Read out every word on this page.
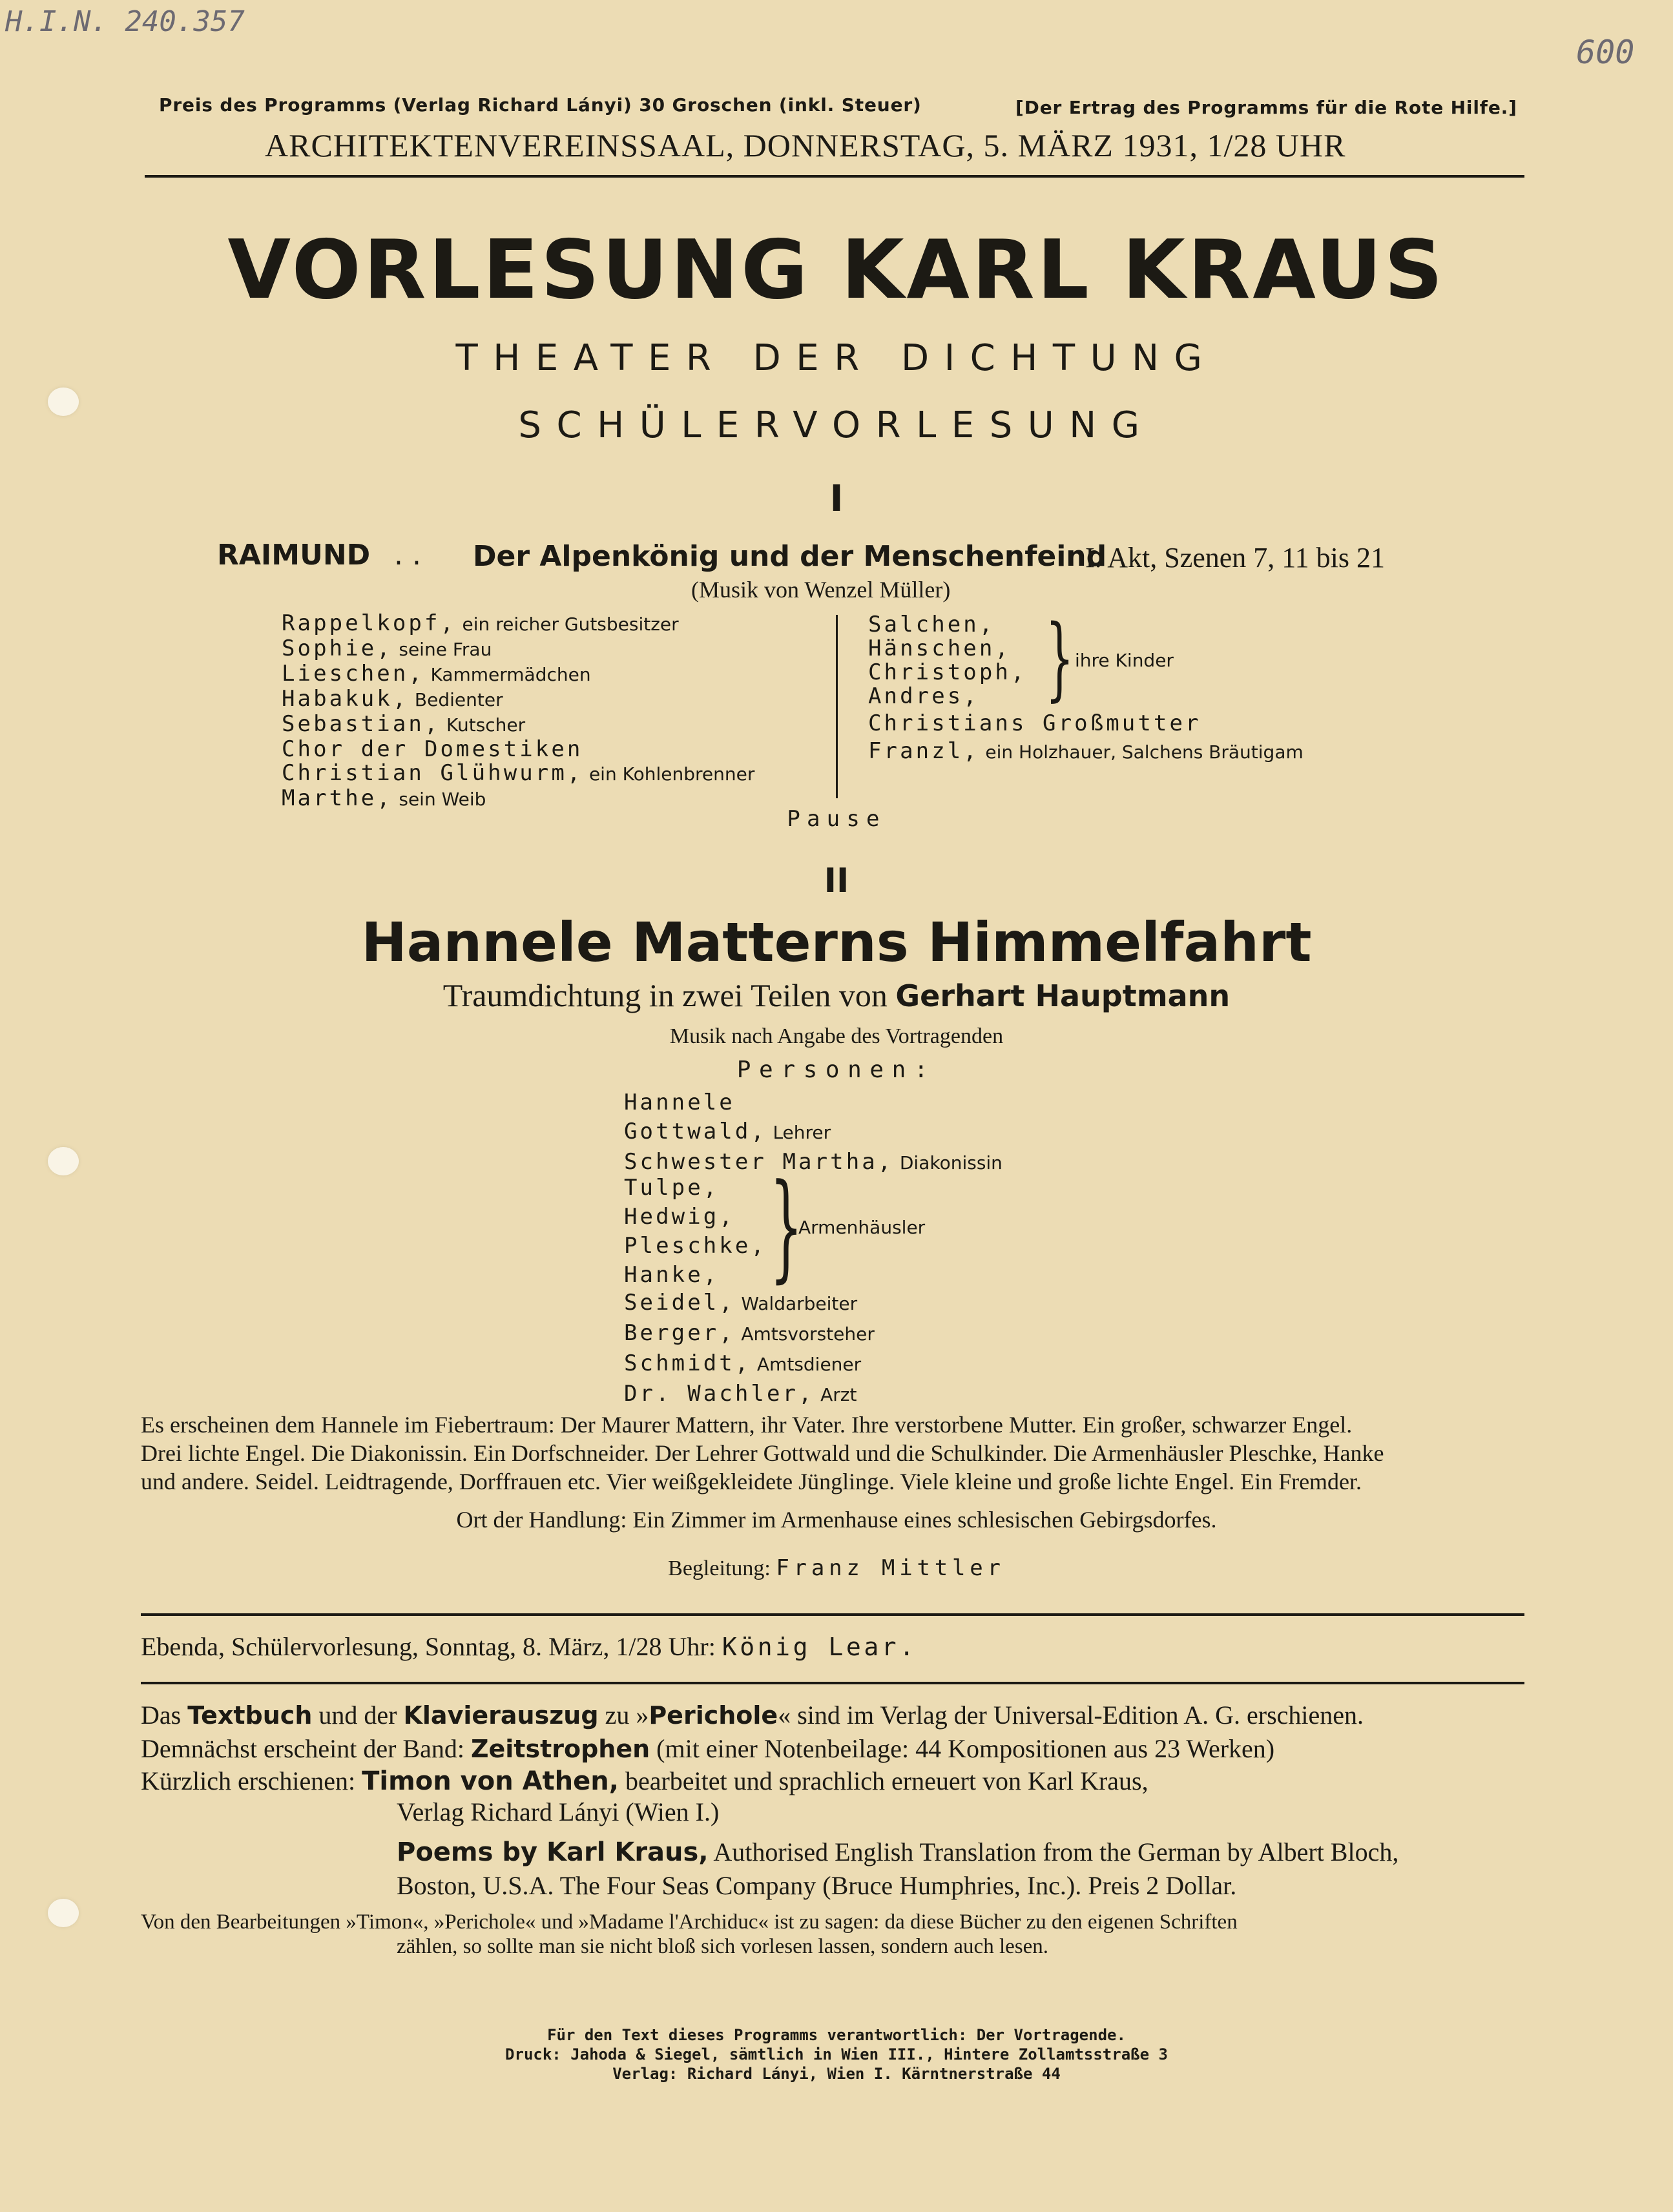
H.I.N. 240.357
600
Preis des Programms (Verlag Richard Lányi) 30 Groschen (inkl. Steuer)	[Der Ertrag des Programms für die Rote Hilfe.]
ARCHITEKTENVEREINSSAAL, DONNERSTAG, 5. MÄRZ 1931, 1/28 UHR
VORLESUNG KARL KRAUS
THEATER DER DICHTUNG
SCHÜLERVORLESUNG
I
RAIMUND . . Der Alpenkönig und der Menschenfeind
I. Akt, Szenen 7, 11 bis 21
(Musik von Wenzel Müller)
Rappelkopf, ein reicher Gutsbesitzer
Sophie, seine Frau
Lieschen, Kammermädchen
Habakuk, Bedienter
Sebastian, Kutscher
Chor der Domestiken
Christian Glühwurm, ein Kohlenbrenner
Marthe, sein Weib
Salchen,
Hänschen,
Christoph,
Andres, } ihre Kinder
Christians Großmutter
Franzl, ein Holzhauer, Salchens Bräutigam
Pause
II
Hannele Matterns Himmelfahrt
Traumdichtung in zwei Teilen von Gerhart Hauptmann
Musik nach Angabe des Vortragenden
Personen:
Hannele
Gottwald, Lehrer
Schwester Martha, Diakonissin
Tulpe,
Hedwig,
Pleschke,
Hanke, }
Armenhäusler
Seidel, Waldarbeiter
Berger, Amtsvorsteher
Schmidt, Amtsdiener
Dr. Wachler, Arzt
Es erscheinen dem Hannele im Fiebertraum: Der Maurer Mattern, ihr Vater. Ihre verstorbene Mutter. Ein großer, schwarzer Engel.
Drei lichte Engel. Die Diakonissin. Ein Dorfschneider. Der Lehrer Gottwald und die Schulkinder. Die Armenhäusler Pleschke, Hanke
und andere. Seidel. Leidtragende, Dorffrauen etc. Vier weißgekleidete Jünglinge. Viele kleine und große lichte Engel. Ein Fremder.
Ort der Handlung: Ein Zimmer im Armenhause eines schlesischen Gebirgsdorfes.
Begleitung: Franz Mittler
Ebenda, Schülervorlesung, Sonntag, 8. März, 1/28 Uhr: König Lear.
Das Textbuch und der Klavierauszug zu »Perichole« sind im Verlag der Universal-Edition A. G. erschienen.
Demnächst erscheint der Band: Zeitstrophen (mit einer Notenbeilage: 44 Kompositionen aus 23 Werken)
Kürzlich erschienen: Timon von Athen, bearbeitet und sprachlich erneuert von Karl Kraus,
Verlag Richard Lányi (Wien I.)
Poems by Karl Kraus, Authorised English Translation from the German by Albert Bloch,
Boston, U.S.A. The Four Seas Company (Bruce Humphries, Inc.). Preis 2 Dollar.
Von den Bearbeitungen »Timon«, »Perichole« und »Madame l'Archiduc« ist zu sagen: da diese Bücher zu den eigenen Schriften
zählen, so sollte man sie nicht bloß sich vorlesen lassen, sondern auch lesen.
Für den Text dieses Programms verantwortlich: Der Vortragende.
Druck: Jahoda & Siegel, sämtlich in Wien III., Hintere Zollamtsstraße 3
Verlag: Richard Lányi, Wien I. Kärntnerstraße 44
